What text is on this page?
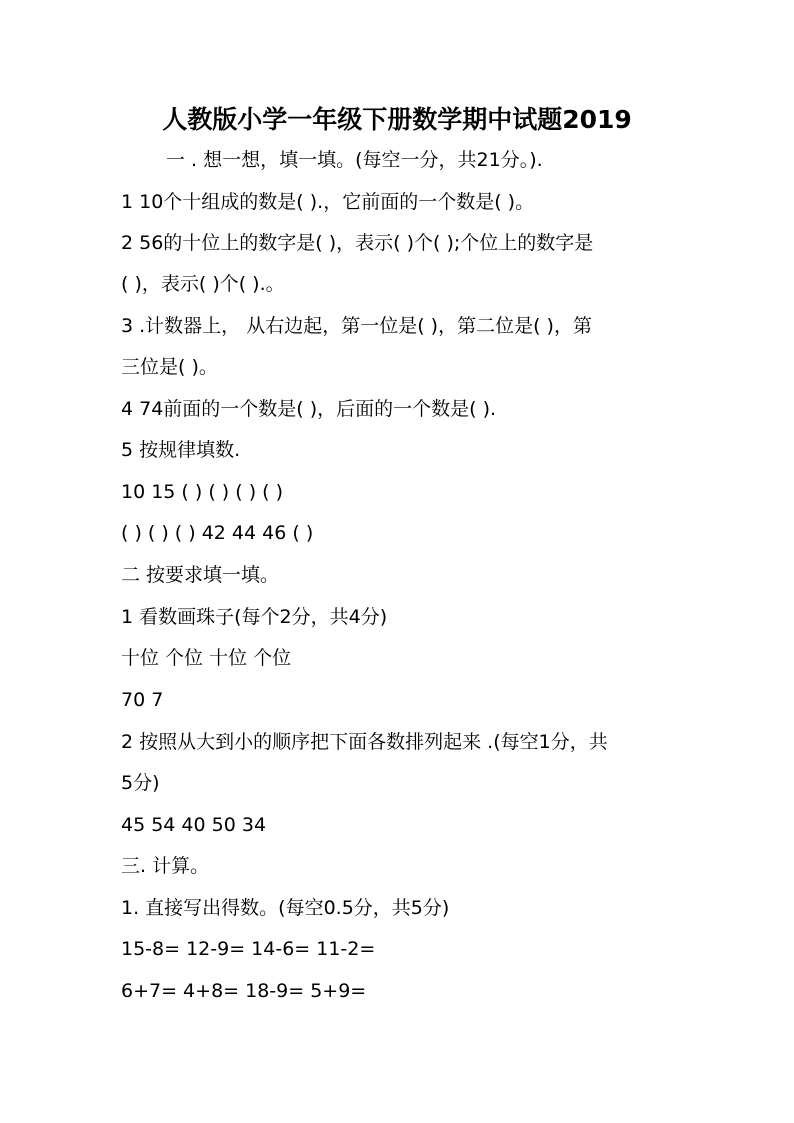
人教版小学一年级下册数学期中试题2019
一 . 想一想，填一填。(每空一分，共21分。).
1 10个十组成的数是( ).，它前面的一个数是( )。
2 56的十位上的数字是( )，表示( )个( );个位上的数字是
( )，表示( )个( ).。
3 .计数器上， 从右边起，第一位是( )，第二位是( )，第
三位是( )。
4 74前面的一个数是( )，后面的一个数是( ).
5 按规律填数.
10 15 ( ) ( ) ( ) ( )
( ) ( ) ( ) 42 44 46 ( )
二 按要求填一填。
1 看数画珠子(每个2分，共4分)
十位 个位 十位 个位
70 7
2 按照从大到小的顺序把下面各数排列起来 .(每空1分，共
5分)
45 54 40 50 34
三. 计算。
1. 直接写出得数。(每空0.5分，共5分)
15-8= 12-9= 14-6= 11-2=
6+7= 4+8= 18-9= 5+9=
